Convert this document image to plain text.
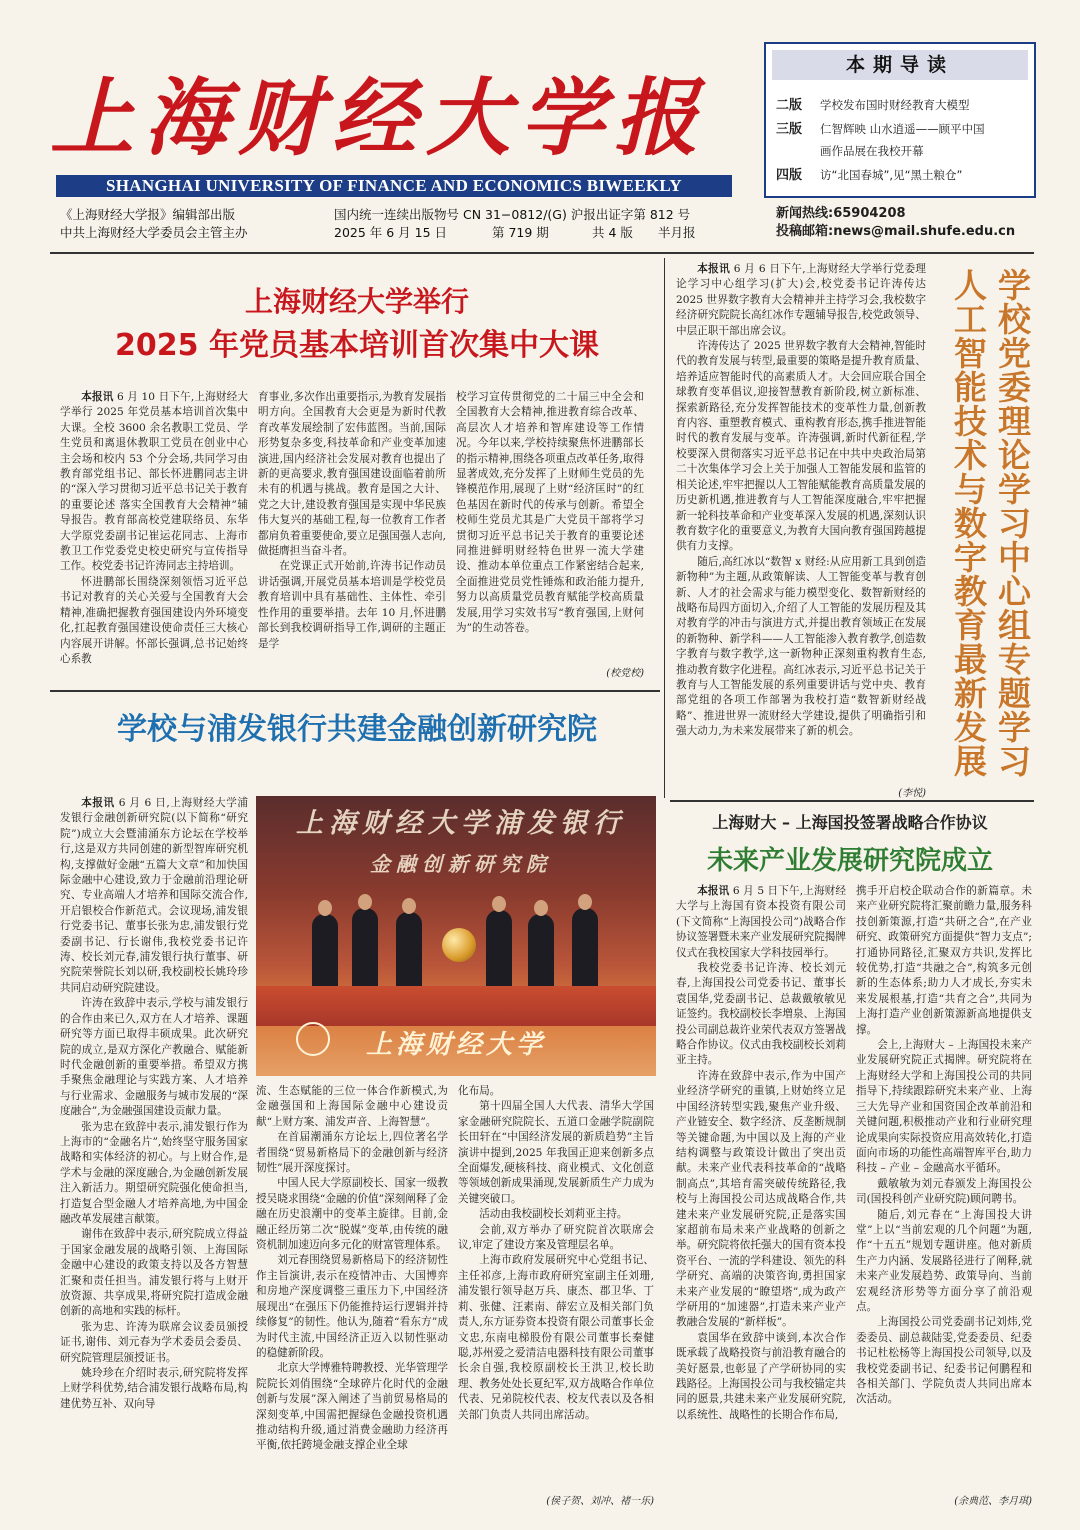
上海财经大学报
SHANGHAI UNIVERSITY OF FINANCE AND ECONOMICS BIWEEKLY
《上海财经大学报》编辑部出版
中共上海财经大学委员会主管主办
国内统一连续出版物号 CN 31−0812/(G) 沪报出证字第 812 号
2025 年 6 月 15 日	第 719 期	共 4 版 半月报
本期导读
二版 学校发布国时财经教育大模型
三版 仁智辉映 山水逍遥——顾平中国
画作品展在我校开幕
四版 访“北国春城”,见“黑土粮仓”
新闻热线:65904208
投稿邮箱:news@mail.shufe.edu.cn
上海财经大学举行
2025 年党员基本培训首次集中大课

本报讯 6 月 10 日下午,上海财经大学举行 2025 年党员基本培训首次集中大课。全校 3600 余名教职工党员、学生党员和离退休教职工党员在创业中心主会场和校内 53 个分会场,共同学习由教育部党组书记、部长怀进鹏同志主讲的“深入学习贯彻习近平总书记关于教育的重要论述 落实全国教育大会精神”辅导报告。教育部高校党建联络员、东华大学原党委副书记崔运花同志、上海市教卫工作党委党史校史研究与宣传指导工作。校党委书记许涛同志主持培训。

怀进鹏部长围绕深刻领悟习近平总书记对教育的关心关爱与全国教育大会精神,准确把握教育强国建设内外环境变化,扛起教育强国建设使命责任三大核心内容展开讲解。怀部长强调,总书记始终心系教

育事业,多次作出重要指示,为教育发展指明方向。全国教育大会更是为新时代教育改革发展绘制了宏伟蓝图。当前,国际形势复杂多变,科技革命和产业变革加速演进,国内经济社会发展对教育也提出了新的更高要求,教育强国建设面临着前所未有的机遇与挑战。教育是国之大计、党之大计,建设教育强国是实现中华民族伟大复兴的基础工程,每一位教育工作者都肩负着重要使命,要立足强国强人志向,做挺膺担当奋斗者。

在党课正式开始前,许涛书记作动员讲话强调,开展党员基本培训是学校党员教育培训中具有基础性、主体性、牵引性作用的重要举措。去年 10 月,怀进鹏部长到我校调研指导工作,调研的主题正是学

校学习宣传贯彻党的二十届三中全会和全国教育大会精神,推进教育综合改革、高层次人才培养和智库建设等工作情况。今年以来,学校持续聚焦怀进鹏部长的指示精神,围绕各项重点改革任务,取得显著成效,充分发挥了上财师生党员的先锋模范作用,展现了上财“经济匡时”的红色基因在新时代的传承与创新。希望全校师生党员尤其是广大党员干部将学习贯彻习近平总书记关于教育的重要论述同推进鲜明财经特色世界一流大学建设、推动本单位重点工作紧密结合起来,全面推进党员党性锤炼和政治能力提升,努力以高质量党员教育赋能学校高质量发展,用学习实效书写“教育强国,上财何为”的生动答卷。

(校党校)
学校与浦发银行共建金融创新研究院

本报讯 6 月 6 日,上海财经大学浦发银行金融创新研究院(以下简称“研究院”)成立大会暨浦涌东方论坛在学校举行,这是双方共同创建的新型智库研究机构,支撑做好金融“五篇大文章”和加快国际金融中心建设,致力于金融前沿理论研究、专业高端人才培养和国际交流合作,开启银校合作新范式。会议现场,浦发银行党委书记、董事长张为忠,浦发银行党委副书记、行长谢伟,我校党委书记许涛、校长刘元春,浦发银行执行董事、研究院荣誉院长刘以研,我校副校长姚玲珍共同启动研究院建设。

许涛在致辞中表示,学校与浦发银行的合作由来已久,双方在人才培养、课题研究等方面已取得丰硕成果。此次研究院的成立,是双方深化产教融合、赋能新时代金融创新的重要举措。希望双方携手聚焦金融理论与实践方案、人才培养与行业需求、金融服务与城市发展的“深度融合”,为金融强国建设贡献力量。

张为忠在致辞中表示,浦发银行作为上海市的“金融名片”,始终坚守服务国家战略和实体经济的初心。与上财合作,是学术与金融的深度融合,为金融创新发展注入新活力。期望研究院强化使命担当,打造复合型金融人才培养高地,为中国金融改革发展建言献策。

谢伟在致辞中表示,研究院成立得益于国家金融发展的战略引领、上海国际金融中心建设的政策支持以及各方智慧汇聚和责任担当。浦发银行将与上财开放资源、共享成果,将研究院打造成金融创新的高地和实践的标杆。

张为忠、许涛为联席会议委员颁授证书,谢伟、刘元春为学术委员会委员、研究院管理层颁授证书。

姚玲珍在介绍时表示,研究院将发挥上财学科优势,结合浦发银行战略布局,构建优势互补、双向导

上海财经大学浦发银行
金融创新研究院
上海财经大学

流、生态赋能的三位一体合作新模式,为金融强国和上海国际金融中心建设贡献“上财方案、浦发声音、上海智慧”。

在首届潮涌东方论坛上,四位著名学者围绕“贸易新格局下的金融创新与经济韧性”展开深度探讨。

中国人民大学原副校长、国家一级教授吴晓求围绕“金融的价值”深刻阐释了金融在历史浪潮中的变革主旋律。目前,金融正经历第二次“脱媒”变革,由传统的融资机制加速迈向多元化的财富管理体系。

刘元春围绕贸易新格局下的经济韧性作主旨演讲,表示在疫情冲击、大国博弈和房地产深度调整三重压力下,中国经济展现出“在强压下仍能推持运行逻辑并持续修复”的韧性。他认为,随着“看东方”成为时代主流,中国经济正迈入以韧性驱动的稳健新阶段。

北京大学博雅特聘教授、光华管理学院院长刘俏围绕“全球碎片化时代的金融创新与发展”深入阐述了当前贸易格局的深刻变革,中国需把握绿色金融投资机遇推动结构升级,通过消费金融助力经济再平衡,依托跨境金融支撑企业全球

化布局。

第十四届全国人大代表、清华大学国家金融研究院院长、五道口金融学院副院长田轩在“中国经济发展的新质趋势”主旨演讲中提到,2025 年我国正迎来创新多点全面爆发,硬核科技、商业模式、文化创意等领域创新成果涌现,发展新质生产力成为关键突破口。

活动由我校副校长刘莉亚主持。

会前,双方举办了研究院首次联席会议,审定了建设方案及管理层名单。

上海市政府发展研究中心党组书记、主任祁彦,上海市政府研究室副主任刘珊,浦发银行领导赵万兵、康杰、郡卫华、丁莉、张健、汪素南、薛宏立及相关部门负责人,东方证券资本投资有限公司董事长金文忠,东南电梯股份有限公司董事长秦健聪,苏州爱之爱清洁电器科技有限公司董事长余自强,我校原副校长王洪卫,校长助理、教务处处长夏纪军,双方战略合作单位代表、兄弟院校代表、校友代表以及各相关部门负责人共同出席活动。

(侯子贺、刘冲、褚一乐)

本报讯 6 月 6 日下午,上海财经大学举行党委理论学习中心组学习(扩大)会,校党委书记许涛传达 2025 世界数字教育大会精神并主持学习会,我校数字经济研究院院长高红冰作专题辅导报告,校党政领导、中层正职干部出席会议。

许涛传达了 2025 世界数字教育大会精神,智能时代的教育发展与转型,最重要的策略是提升教育质量、培养适应智能时代的高素质人才。大会回应联合国全球教育变革倡议,迎接智慧教育新阶段,树立新标准、探索新路径,充分发挥智能技术的变革性力量,创新教育内容、重塑教育模式、重构教育形态,携手推进智能时代的教育发展与变革。许涛强调,新时代新征程,学校要深入贯彻落实习近平总书记在中共中央政治局第二十次集体学习会上关于加强人工智能发展和监管的相关论述,牢牢把握以人工智能赋能教育高质量发展的历史新机遇,推进教育与人工智能深度融合,牢牢把握新一轮科技革命和产业变革深入发展的机遇,深刻认识教育数字化的重要意义,为教育大国向教育强国跨越提供有力支撑。

随后,高红冰以“数智 x 财经:从应用新工具到创造新物种”为主题,从政策解读、人工智能变革与教育创新、人才的社会需求与能力模型变化、数智新财经的战略布局四方面切入,介绍了人工智能的发展历程及其对教育学的冲击与演进方式,并提出教育领域正在发展的新物种、新学科——人工智能渗入教育教学,创造数字教育与数字教学,这一新物种正深刻重构教育生态,推动教育数字化进程。高红冰表示,习近平总书记关于教育与人工智能发展的系列重要讲话与党中央、教育部党组的各项工作部署为我校打造“数智新财经战略”、推进世界一流财经大学建设,提供了明确指引和强大动力,为未来发展带来了新的机会。

(李悦)
学校党委理论学习中心组专题学习人工智能技术与数字教育最新发展
上海财大 – 上海国投签署战略合作协议
未来产业发展研究院成立

本报讯 6 月 5 日下午,上海财经大学与上海国有资本投资有限公司(下文简称“上海国投公司”)战略合作协议签署暨未来产业发展研究院揭牌仪式在我校国家大学科技园举行。

我校党委书记许涛、校长刘元春,上海国投公司党委书记、董事长袁国华,党委副书记、总裁戴敏敏见证签约。我校副校长李増泉、上海国投公司副总裁许业荣代表双方签署战略合作协议。仪式由我校副校长刘莉亚主持。

许涛在致辞中表示,作为中国产业经济学研究的重镇,上财始终立足中国经济转型实践,聚焦产业升级、产业链安全、数字经济、反垄断规制等关键命题,为中国以及上海的产业结构调整与政策设计做出了突出贡献。未来产业代表科技革命的“战略制高点”,其培育需突破传统路径,我校与上海国投公司达成战略合作,共建未来产业发展研究院,正是落实国家超前布局未来产业战略的创新之举。研究院将依托强大的国有资本投资平台、一流的学科建设、领先的科学研究、高端的决策咨询,勇担国家未来产业发展的“瞭望塔”,成为政产学研用的“加速器”,打造未来产业产教融合发展的“新样板”。

袁国华在致辞中谈到,本次合作既承载了战略投资与前沿教育融合的美好愿景,也彰显了产学研协同的实践路径。上海国投公司与我校锚定共同的愿景,共建未来产业发展研究院,以系统性、战略性的长期合作布局,

携手开启校企联动合作的新篇章。未来产业研究院将汇聚前瞻力量,服务科技创新策源,打造“共研之合”,在产业研究、政策研究方面提供“智力支点”;打通协同路径,汇聚双方共识,发挥比较优势,打造“共融之合”,构筑多元创新的生态体系;助力人才成长,夯实未来发展根基,打造“共育之合”,共同为上海打造产业创新策源新高地提供支撑。

会上,上海财大 – 上海国投未来产业发展研究院正式揭牌。研究院将在上海财经大学和上海国投公司的共同指导下,持续跟踪研究未来产业、上海三大先导产业和国资国企改革前沿和关键问题,积极推动产业和行业研究理论成果向实际投资应用高效转化,打造面向市场的功能性高端智库平台,助力科技 – 产业 – 金融高水平循环。

戴敏敏为刘元春颁发上海国投公司(国投科创产业研究院)顾问聘书。

随后,刘元春在“上海国投大讲堂”上以“当前宏观的几个问题”为题,作“十五五”规划专题讲座。他对新质生产力内涵、发展路径进行了阐释,就未来产业发展趋势、政策导向、当前宏观经济形势等方面分享了前沿观点。

上海国投公司党委副书记刘炜,党委委员、副总裁陆雯,党委委员、纪委书记杜松杨等上海国投公司领导,以及我校党委副书记、纪委书记何鹏程和各相关部门、学院负责人共同出席本次活动。

(余典范、李月琪)
